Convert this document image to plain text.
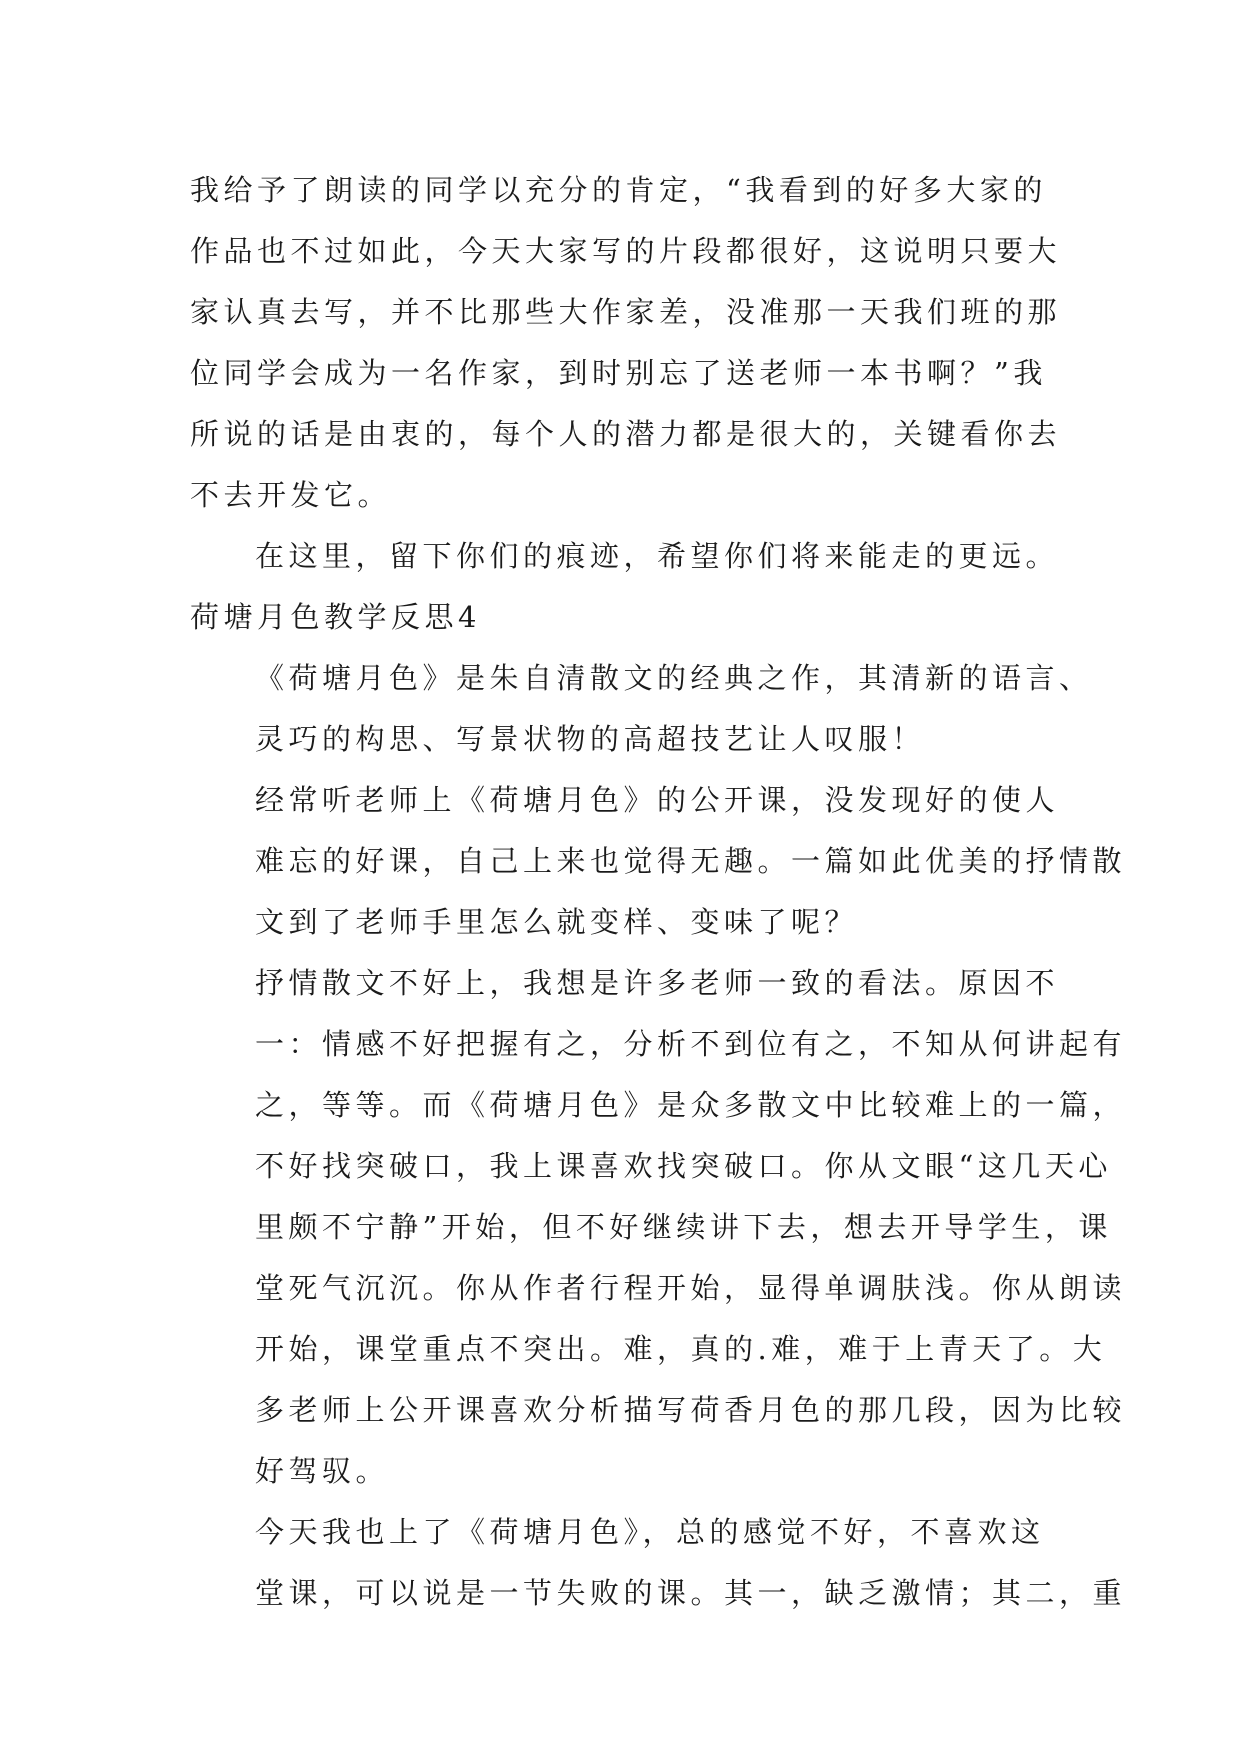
我给予了朗读的同学以充分的肯定，“我看到的好多大家的
作品也不过如此，今天大家写的片段都很好，这说明只要大
家认真去写，并不比那些大作家差，没准那一天我们班的那
位同学会成为一名作家，到时别忘了送老师一本书啊？”我
所说的话是由衷的，每个人的潜力都是很大的，关键看你去
不去开发它。
在这里，留下你们的痕迹，希望你们将来能走的更远。
荷塘月色教学反思4
《荷塘月色》是朱自清散文的经典之作，其清新的语言、
灵巧的构思、写景状物的高超技艺让人叹服！
经常听老师上《荷塘月色》的公开课，没发现好的使人
难忘的好课，自己上来也觉得无趣。一篇如此优美的抒情散
文到了老师手里怎么就变样、变味了呢？
抒情散文不好上，我想是许多老师一致的看法。原因不
一：情感不好把握有之，分析不到位有之，不知从何讲起有
之，等等。而《荷塘月色》是众多散文中比较难上的一篇，
不好找突破口，我上课喜欢找突破口。你从文眼“这几天心
里颇不宁静”开始，但不好继续讲下去，想去开导学生，课
堂死气沉沉。你从作者行程开始，显得单调肤浅。你从朗读
开始，课堂重点不突出。难，真的.难，难于上青天了。大
多老师上公开课喜欢分析描写荷香月色的那几段，因为比较
好驾驭。
今天我也上了《荷塘月色》，总的感觉不好，不喜欢这
堂课，可以说是一节失败的课。其一，缺乏激情；其二，重
